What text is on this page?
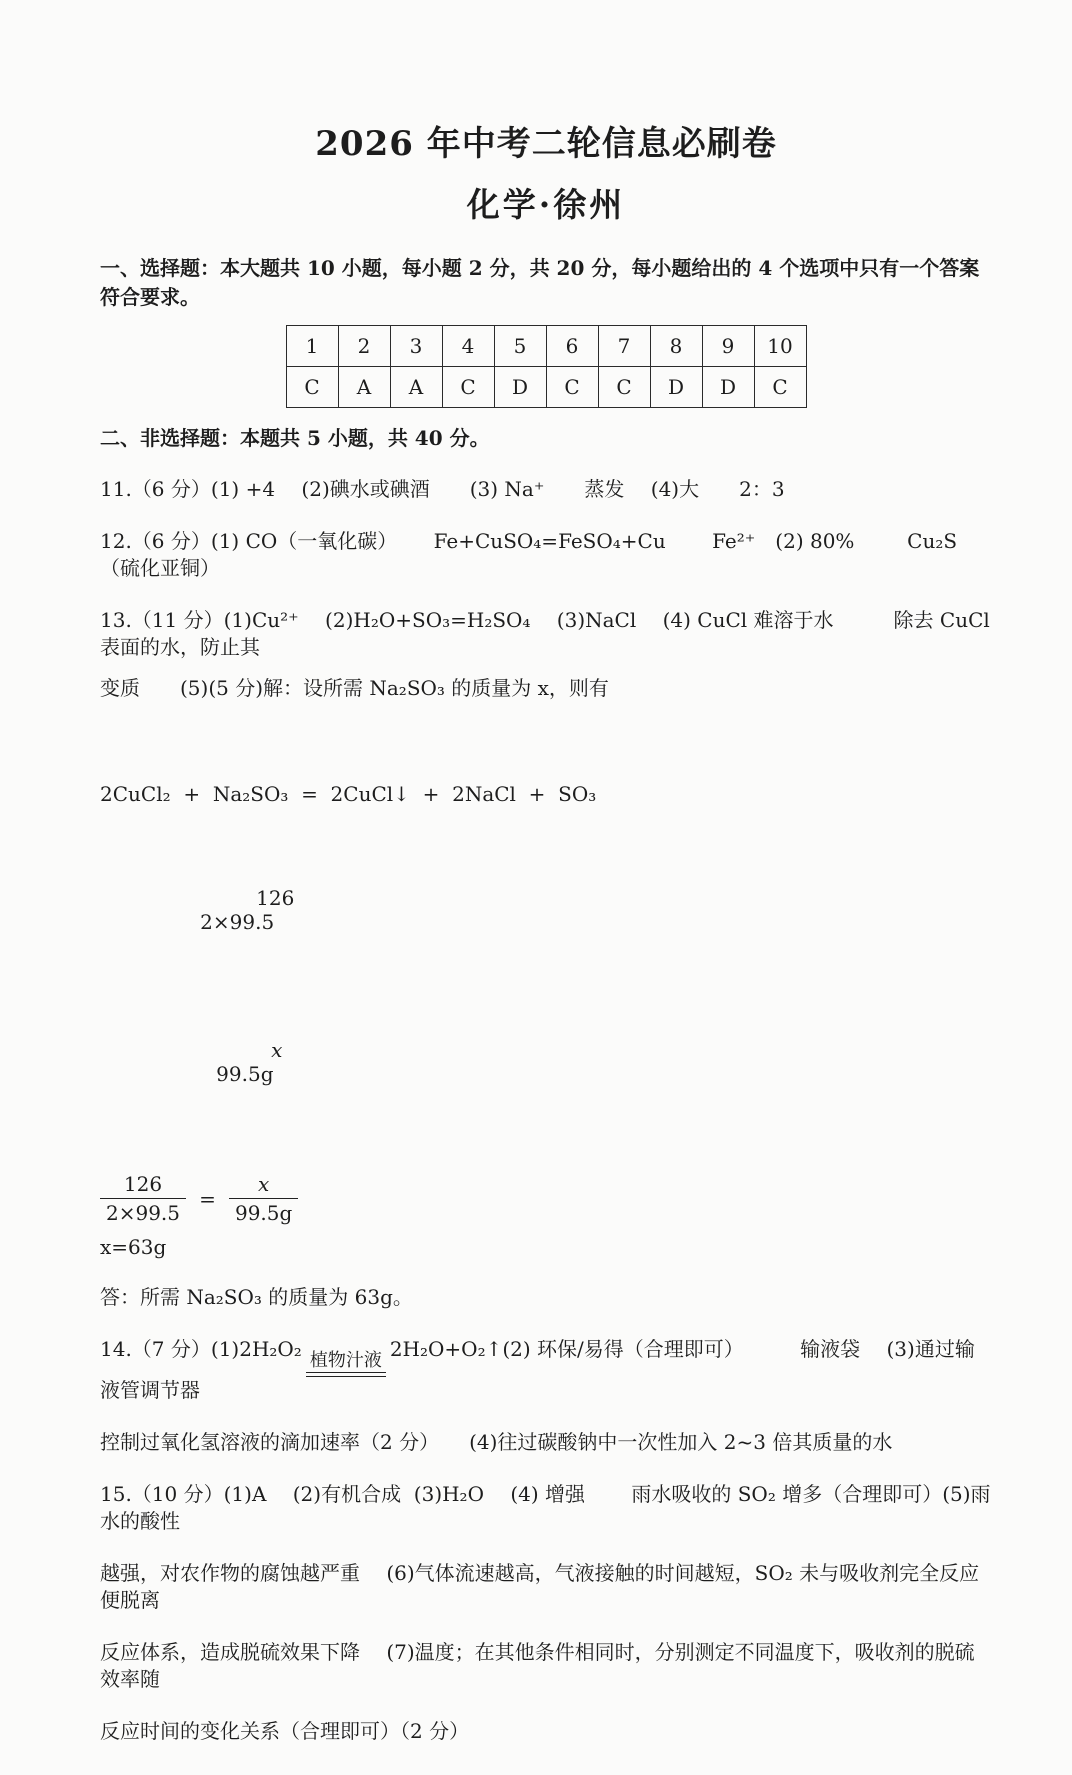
2026 年中考二轮信息必刷卷
化学·徐州

一、选择题：本大题共 10 小题，每小题 2 分，共 20 分，每小题给出的 4 个选项中只有一个答案符合要求。

1	2	3	4	5	6	7	8	9	10
C	A	A	C	D	C	C	D	D	C

二、非选择题：本题共 5 小题，共 40 分。

11.（6 分）(1) +4　 (2)碘水或碘酒　　(3) Na⁺　　蒸发　 (4)大　　2：3

12.（6 分）(1) CO（一氧化碳）　　 Fe+CuSO₄=FeSO₄+Cu　　 Fe²⁺　(2) 80%　　  Cu₂S（硫化亚铜）

13.（11 分）(1)Cu²⁺　 (2)H₂O+SO₃=H₂SO₄　 (3)NaCl　 (4) CuCl 难溶于水　　　除去 CuCl 表面的水，防止其

变质　　(5)(5 分)解：设所需 Na₂SO₃ 的质量为 x，则有

2CuCl₂  +  Na₂SO₃  =  2CuCl↓  +  2NaCl  +  SO₃

126
2×99.5

x
99.5g

$\frac{126}{2\times 99.5} = \frac{x}{99.5g}$
x=63g

答：所需 Na₂SO₃ 的质量为 63g。

14.（7 分）(1)2H₂O₂ 植物汁液 2H₂O+O₂↑(2) 环保/易得（合理即可）　　　 输液袋　 (3)通过输液管调节器

控制过氧化氢溶液的滴加速率（2 分）　　(4)往过碳酸钠中一次性加入 2~3 倍其质量的水

15.（10 分）(1)A　 (2)有机合成  (3)H₂O　 (4) 增强　　 雨水吸收的 SO₂ 增多（合理即可）(5)雨水的酸性

越强，对农作物的腐蚀越严重　 (6)气体流速越高，气液接触的时间越短，SO₂ 未与吸收剂完全反应便脱离

反应体系，造成脱硫效果下降　 (7)温度；在其他条件相同时，分别测定不同温度下，吸收剂的脱硫效率随

反应时间的变化关系（合理即可）（2 分）
